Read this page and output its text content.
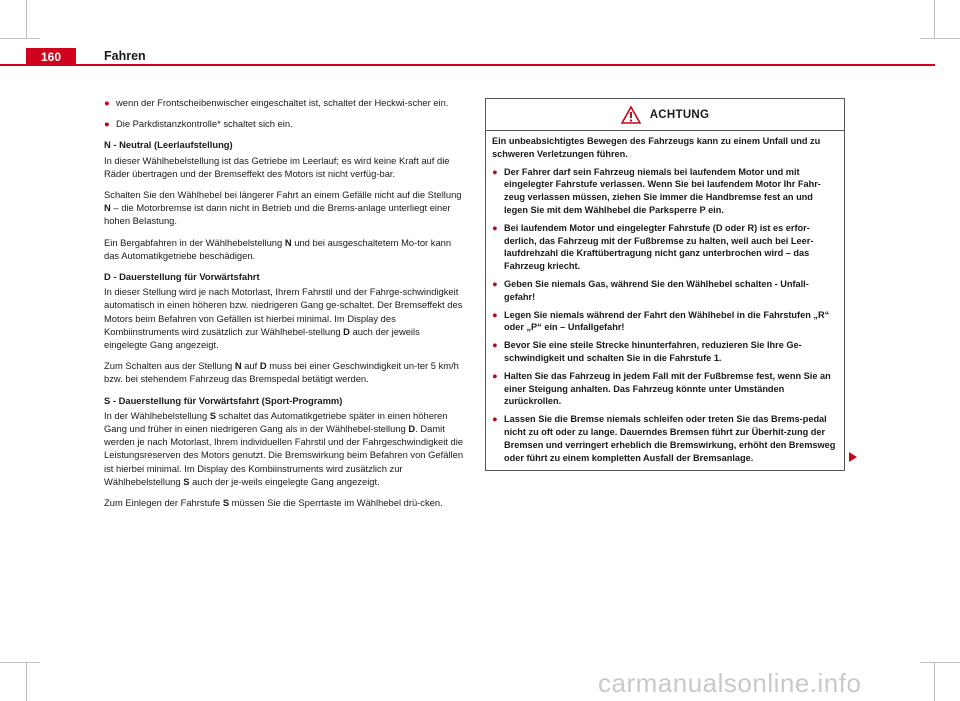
160	Fahren
● wenn der Frontscheibenwischer eingeschaltet ist, schaltet der Heckwi-scher ein.
● Die Parkdistanzkontrolle* schaltet sich ein.

N - Neutral (Leerlaufstellung)

In dieser Wählhebelstellung ist das Getriebe im Leerlauf; es wird keine Kraft auf die Räder übertragen und der Bremseffekt des Motors ist nicht verfüg-bar.

Schalten Sie den Wählhebel bei längerer Fahrt an einem Gefälle nicht auf die Stellung N – die Motorbremse ist dann nicht in Betrieb und die Brems-anlage unterliegt einer hohen Belastung.

Ein Bergabfahren in der Wählhebelstellung N und bei ausgeschaltetem Mo-tor kann das Automatikgetriebe beschädigen.

D - Dauerstellung für Vorwärtsfahrt

In dieser Stellung wird je nach Motorlast, Ihrem Fahrstil und der Fahrge-schwindigkeit automatisch in einen höheren bzw. niedrigeren Gang ge-schaltet. Der Bremseffekt des Motors beim Befahren von Gefällen ist hierbei minimal. Im Display des Kombiinstruments wird zusätzlich zur Wählhebel-stellung D auch der jeweils eingelegte Gang angezeigt.

Zum Schalten aus der Stellung N auf D muss bei einer Geschwindigkeit un-ter 5 km/h bzw. bei stehendem Fahrzeug das Bremspedal betätigt werden.

S - Dauerstellung für Vorwärtsfahrt (Sport-Programm)

In der Wählhebelstellung S schaltet das Automatikgetriebe später in einen höheren Gang und früher in einen niedrigeren Gang als in der Wählhebel-stellung D. Damit werden je nach Motorlast, Ihrem individuellen Fahrstil und der Fahrgeschwindigkeit die Leistungsreserven des Motors genutzt. Die Bremswirkung beim Befahren von Gefällen ist hierbei minimal. Im Display des Kombiinstruments wird zusätzlich zur Wählhebelstellung S auch der je-weils eingelegte Gang angezeigt.

Zum Einlegen der Fahrstufe S müssen Sie die Sperrtaste im Wählhebel drü-cken.

ACHTUNG

Ein unbeabsichtigtes Bewegen des Fahrzeugs kann zu einem Unfall und zu schweren Verletzungen führen.

● Der Fahrer darf sein Fahrzeug niemals bei laufendem Motor und mit eingelegter Fahrstufe verlassen. Wenn Sie bei laufendem Motor Ihr Fahr-zeug verlassen müssen, ziehen Sie immer die Handbremse fest an und legen Sie mit dem Wählhebel die Parksperre P ein.
● Bei laufendem Motor und eingelegter Fahrstufe (D oder R) ist es erfor-derlich, das Fahrzeug mit der Fußbremse zu halten, weil auch bei Leer-laufdrehzahl die Kraftübertragung nicht ganz unterbrochen wird – das Fahrzeug kriecht.
● Geben Sie niemals Gas, während Sie den Wählhebel schalten - Unfall-gefahr!
● Legen Sie niemals während der Fahrt den Wählhebel in die Fahrstufen „R“ oder „P“ ein – Unfallgefahr!
● Bevor Sie eine steile Strecke hinunterfahren, reduzieren Sie Ihre Ge-schwindigkeit und schalten Sie in die Fahrstufe 1.
● Halten Sie das Fahrzeug in jedem Fall mit der Fußbremse fest, wenn Sie an einer Steigung anhalten. Das Fahrzeug könnte unter Umständen zurückrollen.
● Lassen Sie die Bremse niemals schleifen oder treten Sie das Brems-pedal nicht zu oft oder zu lange. Dauerndes Bremsen führt zur Überhit-zung der Bremsen und verringert erheblich die Bremswirkung, erhöht den Bremsweg oder führt zu einem kompletten Ausfall der Bremsanlage.
carmanualsonline.info
